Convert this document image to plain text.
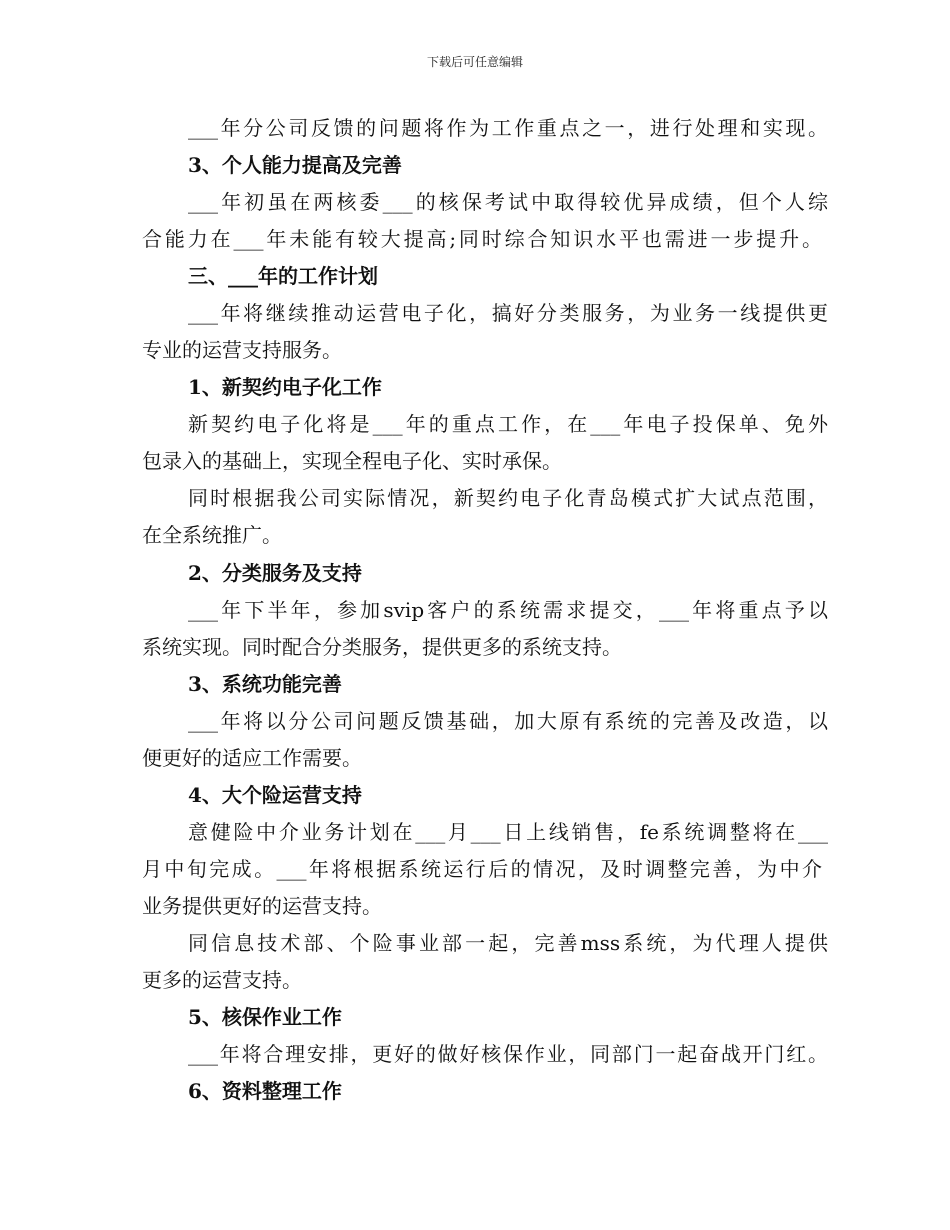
下载后可任意编辑
___年分公司反馈的问题将作为工作重点之一，进行处理和实现。
3、个人能力提高及完善
___年初虽在两核委___的核保考试中取得较优异成绩，但个人综
合能力在___年未能有较大提高;同时综合知识水平也需进一步提升。
三、___年的工作计划
___年将继续推动运营电子化，搞好分类服务，为业务一线提供更
专业的运营支持服务。
1、新契约电子化工作
新契约电子化将是___年的重点工作，在___年电子投保单、免外
包录入的基础上，实现全程电子化、实时承保。
同时根据我公司实际情况，新契约电子化青岛模式扩大试点范围，
在全系统推广。
2、分类服务及支持
___年下半年，参加svip客户的系统需求提交，___年将重点予以
系统实现。同时配合分类服务，提供更多的系统支持。
3、系统功能完善
___年将以分公司问题反馈基础，加大原有系统的完善及改造，以
便更好的适应工作需要。
4、大个险运营支持
意健险中介业务计划在___月___日上线销售，fe系统调整将在___
月中旬完成。___年将根据系统运行后的情况，及时调整完善，为中介
业务提供更好的运营支持。
同信息技术部、个险事业部一起，完善mss系统，为代理人提供
更多的运营支持。
5、核保作业工作
___年将合理安排，更好的做好核保作业，同部门一起奋战开门红。
6、资料整理工作
